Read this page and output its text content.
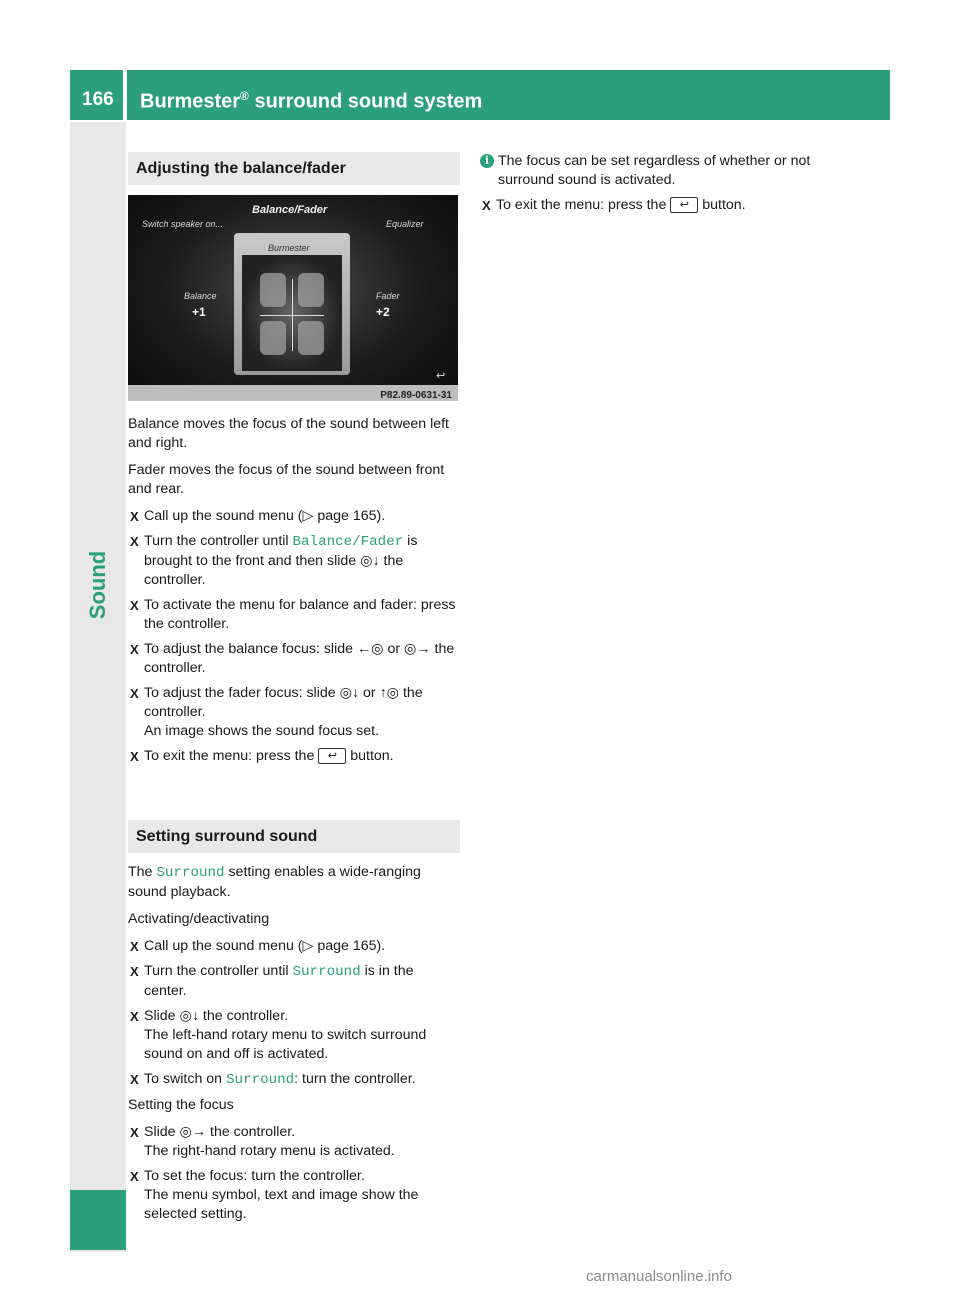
166 Burmester® surround sound system
Sound
Adjusting the balance/fader
Balance/Fader
Switch speaker on...	Equalizer
Balance
+1
Fader
+2
Burmester
↩
P82.89-0631-31

Balance moves the focus of the sound between left and right.

Fader moves the focus of the sound between front and rear.

X Call up the sound menu (▷ page 165).
X Turn the controller until Balance/Fader is brought to the front and then slide ◎↓ the controller.
X To activate the menu for balance and fader: press the controller.
X To adjust the balance focus: slide ←◎ or ◎→ the controller.
X To adjust the fader focus: slide ◎↓ or ↑◎ the controller.
An image shows the sound focus set.
X To exit the menu: press the ↩ button.
Setting surround sound

The Surround setting enables a wide-ranging sound playback.

Activating/deactivating

X Call up the sound menu (▷ page 165).
X Turn the controller until Surround is in the center.
X Slide ◎↓ the controller.
The left-hand rotary menu to switch surround sound on and off is activated.
X To switch on Surround: turn the controller.

Setting the focus

X Slide ◎→ the controller.
The right-hand rotary menu is activated.
X To set the focus: turn the controller.
The menu symbol, text and image show the selected setting.
i The focus can be set regardless of whether or not surround sound is activated.
X To exit the menu: press the ↩ button.
carmanualsonline.info
